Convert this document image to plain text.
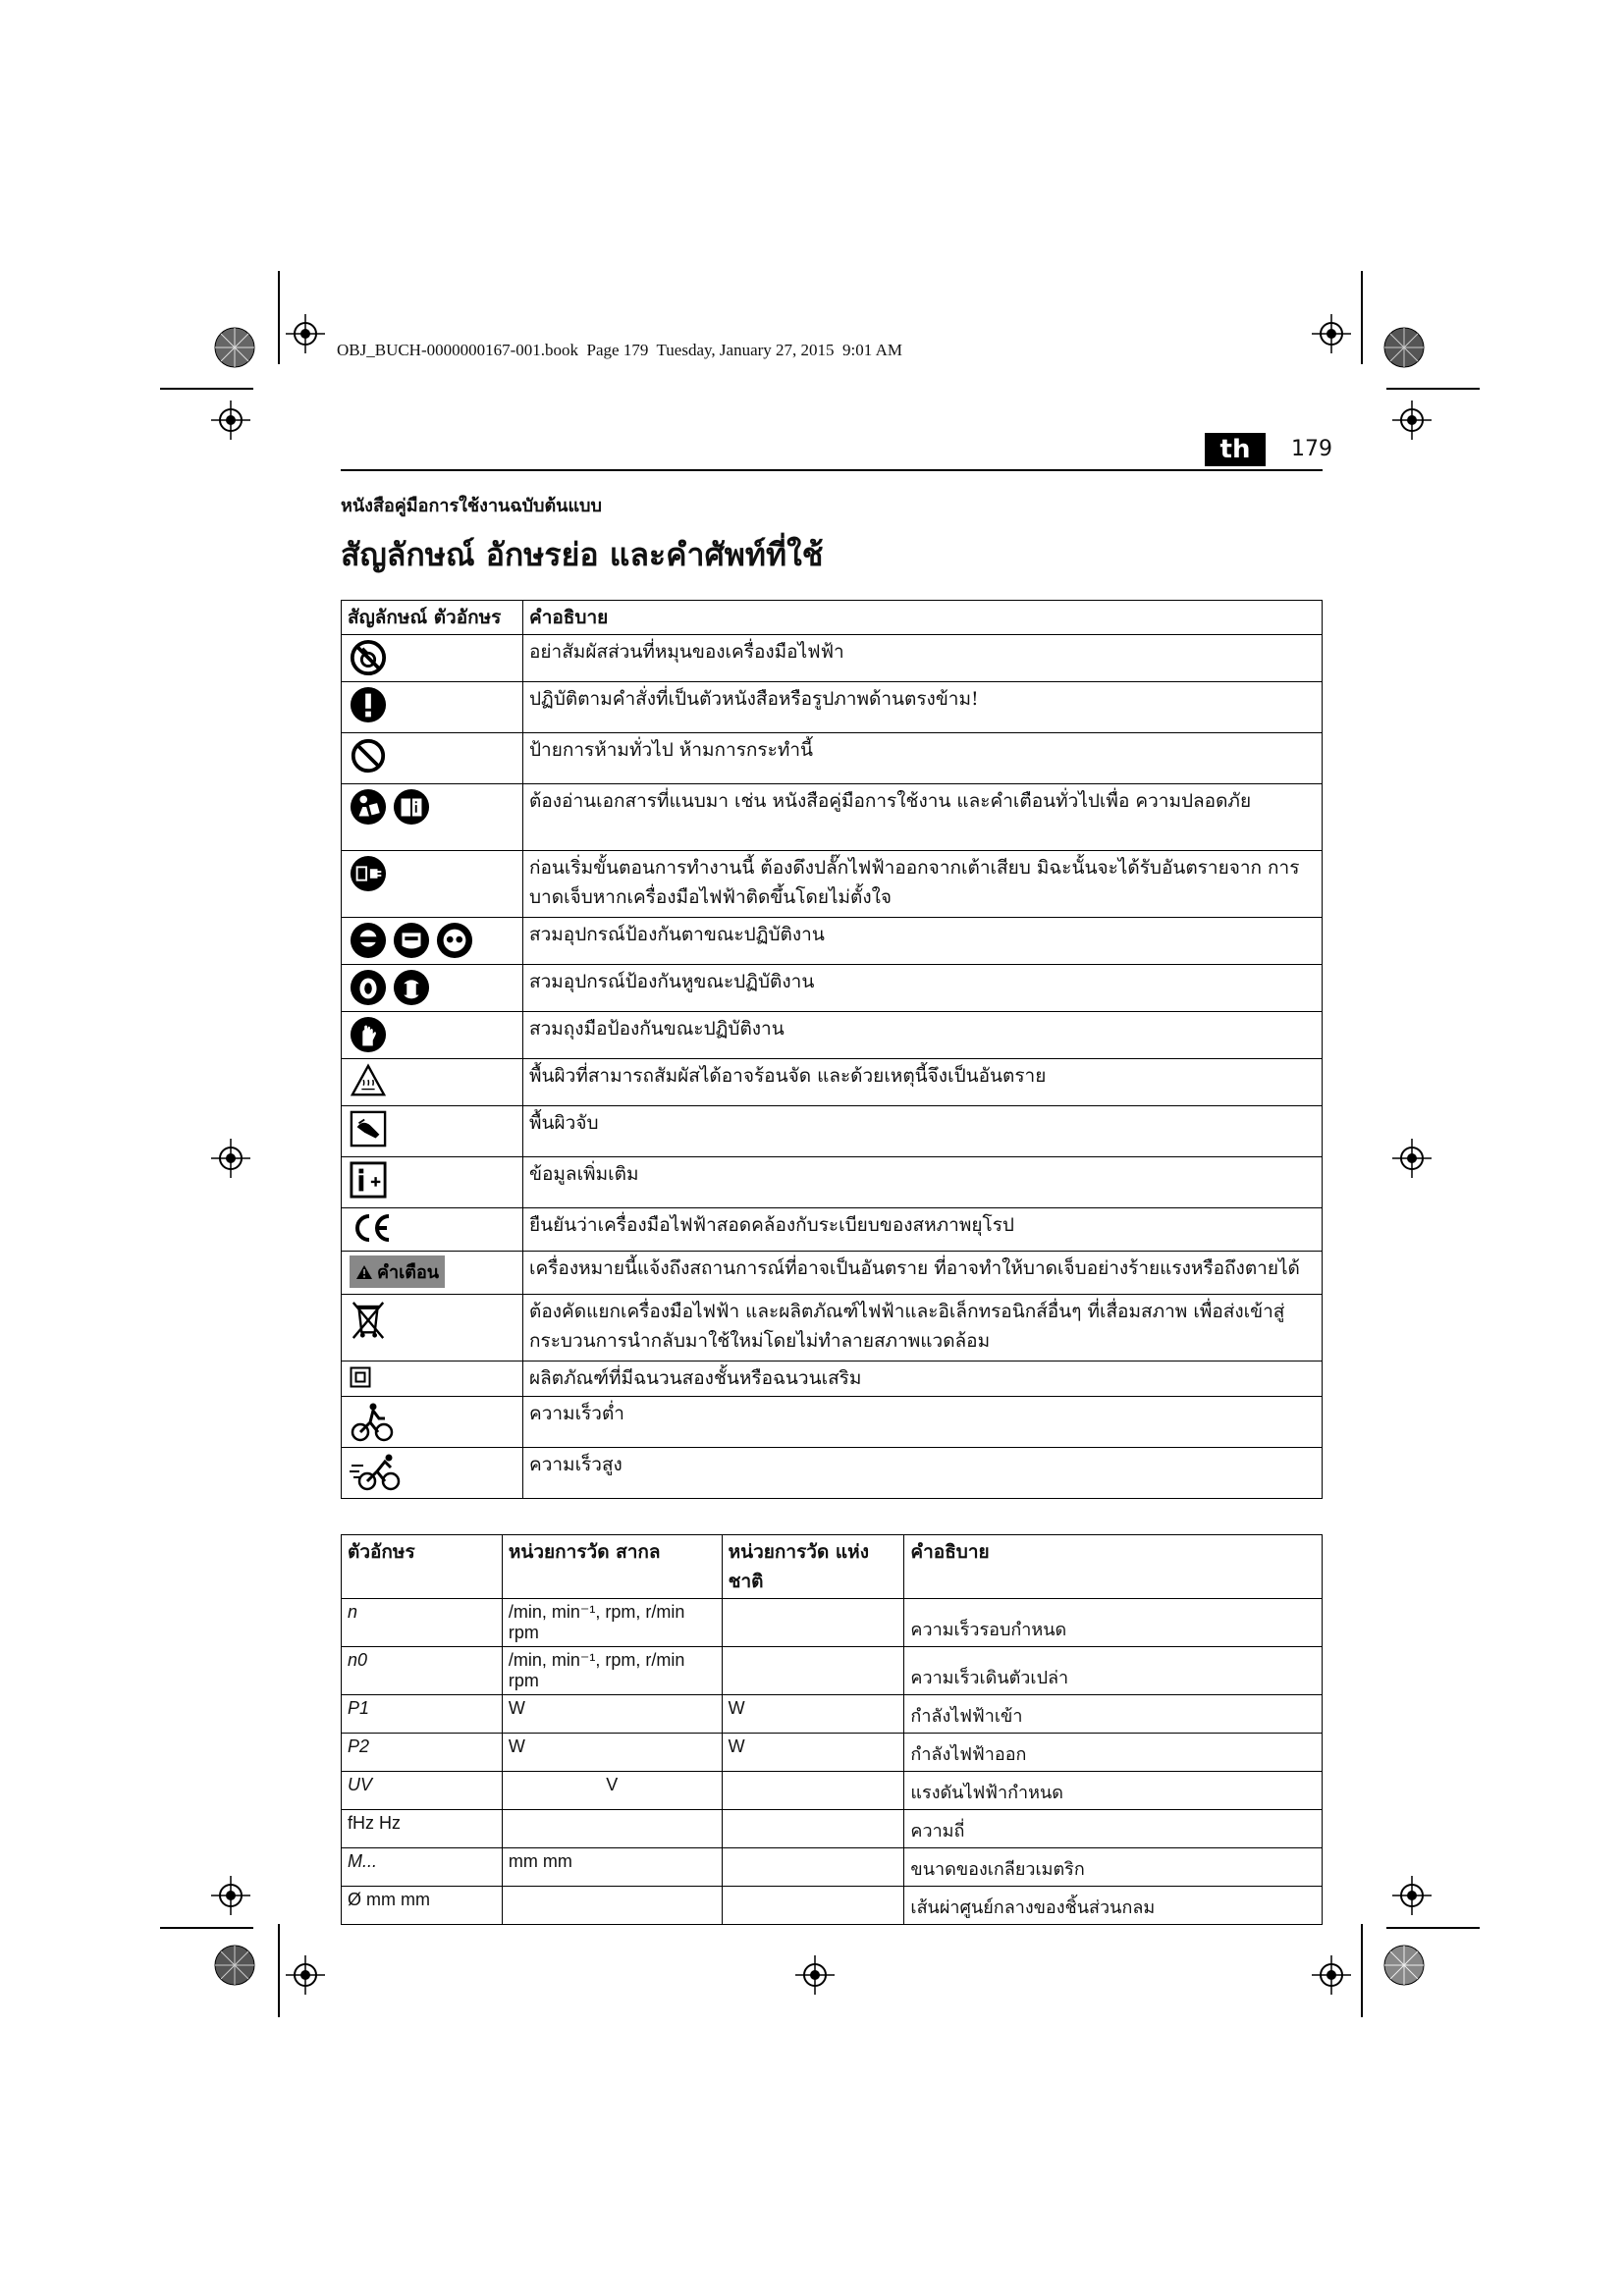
OBJ_BUCH-0000000167-001.book  Page 179  Tuesday, January 27, 2015  9:01 AM
th	179
หนังสือคู่มือการใช้งานฉบับต้นแบบ
สัญลักษณ์ อักษรย่อ และคำศัพท์ที่ใช้
สัญลักษณ์ ตัวอักษร	คำอธิบาย

	อย่าสัมผัสส่วนที่หมุนของเครื่องมือไฟฟ้า

	ปฏิบัติตามคำสั่งที่เป็นตัวหนังสือหรือรูปภาพด้านตรงข้าม!

	ป้ายการห้ามทั่วไป ห้ามการกระทำนี้

	ต้องอ่านเอกสารที่แนบมา เช่น หนังสือคู่มือการใช้งาน และคำเตือนทั่วไปเพื่อ ความปลอดภัย

	ก่อนเริ่มขั้นตอนการทำงานนี้ ต้องดึงปลั๊กไฟฟ้าออกจากเต้าเสียบ มิฉะนั้นจะได้รับอันตรายจาก การบาดเจ็บหากเครื่องมือไฟฟ้าติดขึ้นโดยไม่ตั้งใจ

	สวมอุปกรณ์ป้องกันตาขณะปฏิบัติงาน

	สวมอุปกรณ์ป้องกันหูขณะปฏิบัติงาน

	สวมถุงมือป้องกันขณะปฏิบัติงาน

	พื้นผิวที่สามารถสัมผัสได้อาจร้อนจัด และด้วยเหตุนี้จึงเป็นอันตราย

	พื้นผิวจับ

	ข้อมูลเพิ่มเติม

	ยืนยันว่าเครื่องมือไฟฟ้าสอดคล้องกับระเบียบของสหภาพยุโรป

คำเตือน	เครื่องหมายนี้แจ้งถึงสถานการณ์ที่อาจเป็นอันตราย ที่อาจทำให้บาดเจ็บอย่างร้ายแรงหรือถึงตายได้

	ต้องคัดแยกเครื่องมือไฟฟ้า และผลิตภัณฑ์ไฟฟ้าและอิเล็กทรอนิกส์อื่นๆ ที่เสื่อมสภาพ เพื่อส่งเข้าสู่ กระบวนการนำกลับมาใช้ใหม่โดยไม่ทำลายสภาพแวดล้อม

	ผลิตภัณฑ์ที่มีฉนวนสองชั้นหรือฉนวนเสริม

	ความเร็วต่ำ

	ความเร็วสูง
ตัวอักษร	หน่วยการวัด สากล	หน่วยการวัด แห่งชาติ	คำอธิบาย
n	/min, min⁻¹, rpm, r/min rpm		ความเร็วรอบกำหนด
n0	/min, min⁻¹, rpm, r/min rpm		ความเร็วเดินตัวเปล่า
P1	W	W	กำลังไฟฟ้าเข้า
P2	W	W	กำลังไฟฟ้าออก
UV	V		แรงดันไฟฟ้ากำหนด
fHz Hz			ความถี่
M...	mm mm		ขนาดของเกลียวเมตริก
Ø mm mm			เส้นผ่าศูนย์กลางของชิ้นส่วนกลม
